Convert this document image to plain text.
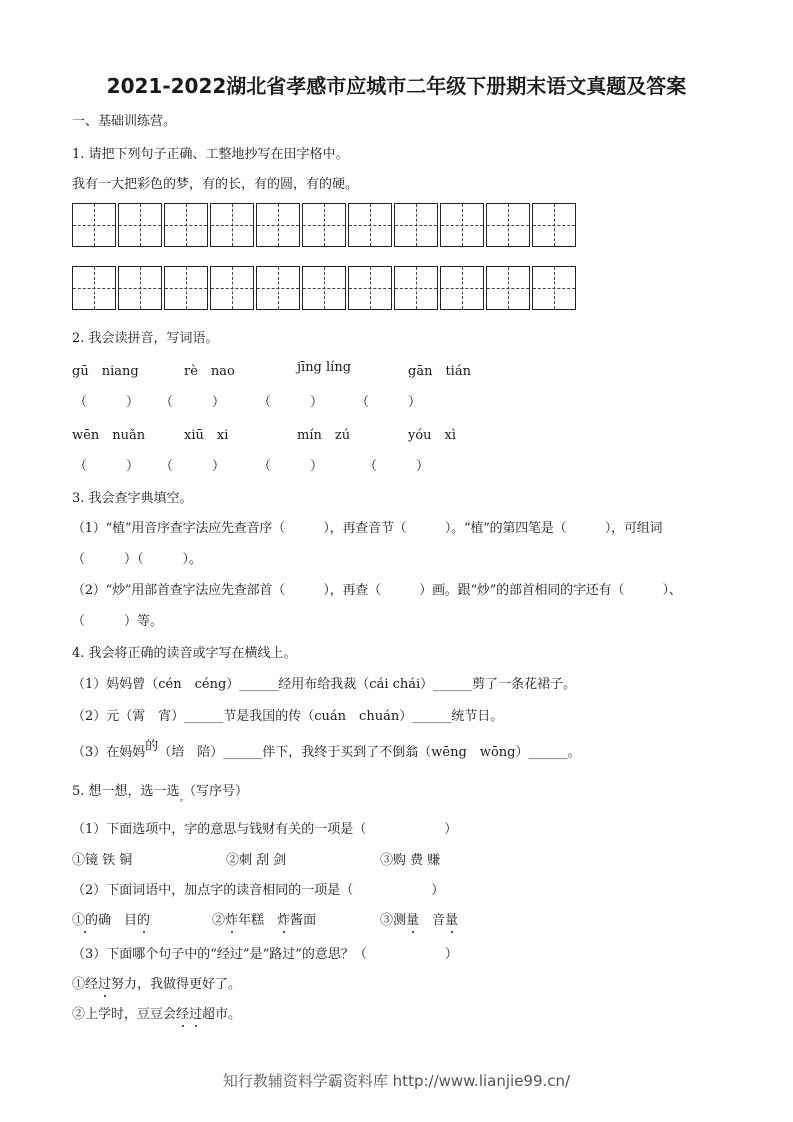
2021-2022湖北省孝感市应城市二年级下册期末语文真题及答案
一、基础训练营。
1. 请把下列句子正确、工整地抄写在田字格中。
我有一大把彩色的梦，有的长，有的圆，有的硬。
2. 我会读拼音，写词语。
gū　niang	rè　nao	jīng líng	gān　tián
（　　　） （　　　）	（　　　）	（　　　）
wēn　nuǎn	xiū　xi	mín　zú	yóu　xì
（　　　） （　　　）	（　　　）	（　　　）
3. 我会查字典填空。
（1）“植”用音序查字法应先查音序（　　　），再查音节（　　　）。“植”的第四笔是（　　　），可组词
（　　　）（　　　）。
（2）“炒”用部首查字法应先查部首（　　　），再查（　　　）画。跟“炒”的部首相同的字还有（　　　）、
（　　　）等。
4. 我会将正确的读音或字写在横线上。
（1）妈妈曾（cén　céng）______经用布给我裁（cái chái）______剪了一条花裙子。
（2）元（霄　宵）______节是我国的传（cuán　chuán）______统节日。
（3）在妈妈的（培　陪）______伴下，我终于买到了不倒翁（wēng　wōng）______。
5. 想一想，选一选$_。$（写序号）
（1）下面选项中，字的意思与钱财有关的一项是（　　　　　　）
①镜 铁 铜	②刺 刮 剑	③购 费 赚
（2）下面词语中，加点字的读音相同的一项是（　　　　　　）
①的确　目的	②炸年糕　炸酱面	③测量　音量
（3）下面哪个句子中的“经过”是“路过”的意思？（　　　　　　）
①经过努力，我做得更好了。
②上学时，豆豆会经过超市。
知行教辅资料学霸资料库 http://www.lianjie99.cn/
